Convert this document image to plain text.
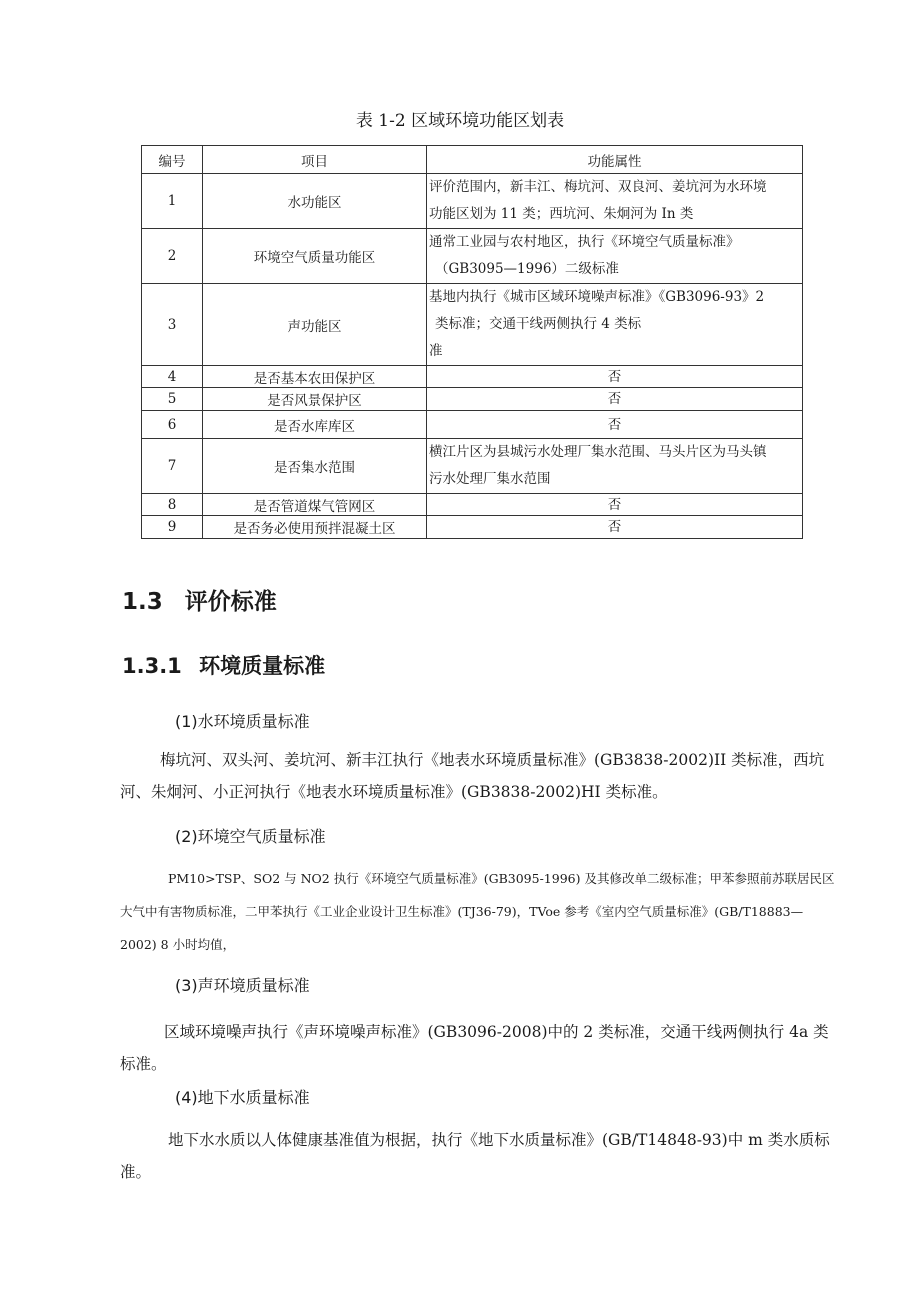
表 1-2 区域环境功能区划表
编号	项目	功能属性
1	水功能区	评价范围内，新丰江、梅坑河、双良河、姜坑河为水环境
功能区划为 11 类；西坑河、朱炯河为 In 类

2	环境空气质量功能区	通常工业园与农村地区，执行《环境空气质量标准》
（GB3095—1996）二级标准

3	声功能区	基地内执行《城市区域环境噪声标准》《GB3096-93》2
类标准；交通干线两侧执行 4 类标
准

4	是否基本农田保护区	否

5	是否风景保护区	否

6	是否水库库区	否

7	是否集水范围	横江片区为县城污水处理厂集水范围、马头片区为马头镇
污水处理厂集水范围

8	是否管道煤气管网区	否

9	是否务必使用预拌混凝土区	否
1.3 评价标准
1.3.1 环境质量标准
(1)水环境质量标准

梅坑河、双头河、姜坑河、新丰江执行《地表水环境质量标准》(GB3838-2002)II 类标准，西坑河、朱炯河、小正河执行《地表水环境质量标准》(GB3838-2002)HI 类标准。

(2)环境空气质量标准

PM10>TSP、SO2 与 NO2 执行《环境空气质量标准》(GB3095-1996) 及其修改单二级标准；甲苯参照前苏联居民区大气中有害物质标准，二甲苯执行《工业企业设计卫生标准》(TJ36-79)，TVoe 参考《室内空气质量标准》(GB/T18883—2002) 8 小时均值，

(3)声环境质量标准

区域环境噪声执行《声环境噪声标准》(GB3096-2008)中的 2 类标准，交通干线两侧执行 4a 类标准。

(4)地下水质量标准

地下水水质以人体健康基准值为根据，执行《地下水质量标准》(GB/T14848-93)中 m 类水质标准。
